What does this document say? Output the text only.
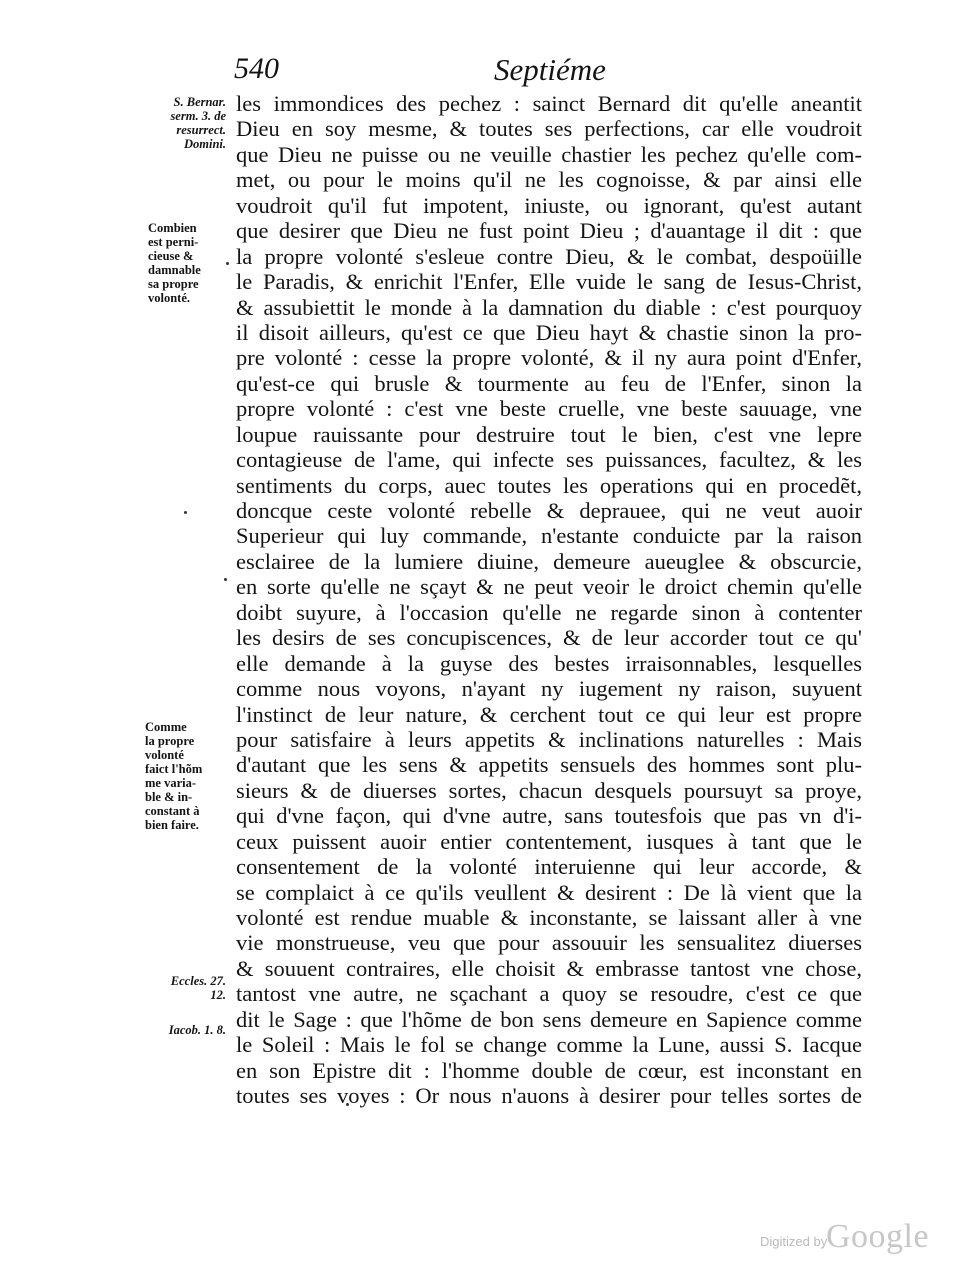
540	Septiéme
S. Bernar.
serm. 3. de
resurrect.
Domini.
Combien
est perni-
cieuse &
damnable
sa propre
volonté.
Comme
la propre
volonté
faict l'hõm
me varia-
ble & in-
constant à
bien faire.
Eccles. 27.
12.
Iacob. 1. 8.
les immondices des pechez : sainct Bernard dit qu'elle aneantit
Dieu en soy mesme, & toutes ses perfections, car elle voudroit
que Dieu ne puisse ou ne veuille chastier les pechez qu'elle com-
met, ou pour le moins qu'il ne les cognoisse, & par ainsi elle
voudroit qu'il fut impotent, iniuste, ou ignorant, qu'est autant
que desirer que Dieu ne fust point Dieu ; d'auantage il dit : que
la propre volonté s'esleue contre Dieu, & le combat, despoüille
le Paradis, & enrichit l'Enfer, Elle vuide le sang de Iesus-Christ,
& assubiettit le monde à la damnation du diable : c'est pourquoy
il disoit ailleurs, qu'est ce que Dieu hayt & chastie sinon la pro-
pre volonté : cesse la propre volonté, & il ny aura point d'Enfer,
qu'est-ce qui brusle & tourmente au feu de l'Enfer, sinon la
propre volonté : c'est vne beste cruelle, vne beste sauuage, vne
loupue rauissante pour destruire tout le bien, c'est vne lepre
contagieuse de l'ame, qui infecte ses puissances, facultez, & les
sentiments du corps, auec toutes les operations qui en procedẽt,
doncque ceste volonté rebelle & deprauee, qui ne veut auoir
Superieur qui luy commande, n'estante conduicte par la raison
esclairee de la lumiere diuine, demeure aueuglee & obscurcie,
en sorte qu'elle ne sçayt & ne peut veoir le droict chemin qu'elle
doibt suyure, à l'occasion qu'elle ne regarde sinon à contenter
les desirs de ses concupiscences, & de leur accorder tout ce qu'
elle demande à la guyse des bestes irraisonnables, lesquelles
comme nous voyons, n'ayant ny iugement ny raison, suyuent
l'instinct de leur nature, & cerchent tout ce qui leur est propre
pour satisfaire à leurs appetits & inclinations naturelles : Mais
d'autant que les sens & appetits sensuels des hommes sont plu-
sieurs & de diuerses sortes, chacun desquels poursuyt sa proye,
qui d'vne façon, qui d'vne autre, sans toutesfois que pas vn d'i-
ceux puissent auoir entier contentement, iusques à tant que le
consentement de la volonté interuienne qui leur accorde, &
se complaict à ce qu'ils veullent & desirent : De là vient que la
volonté est rendue muable & inconstante, se laissant aller à vne
vie monstrueuse, veu que pour assouuir les sensualitez diuerses
& souuent contraires, elle choisit & embrasse tantost vne chose,
tantost vne autre, ne sçachant a quoy se resoudre, c'est ce que
dit le Sage : que l'hõme de bon sens demeure en Sapience comme
le Soleil : Mais le fol se change comme la Lune, aussi S. Iacque
en son Epistre dit : l'homme double de cœur, est inconstant en
toutes ses voyes : Or nous n'auons à desirer pour telles sortes de
Digitized by
Google
